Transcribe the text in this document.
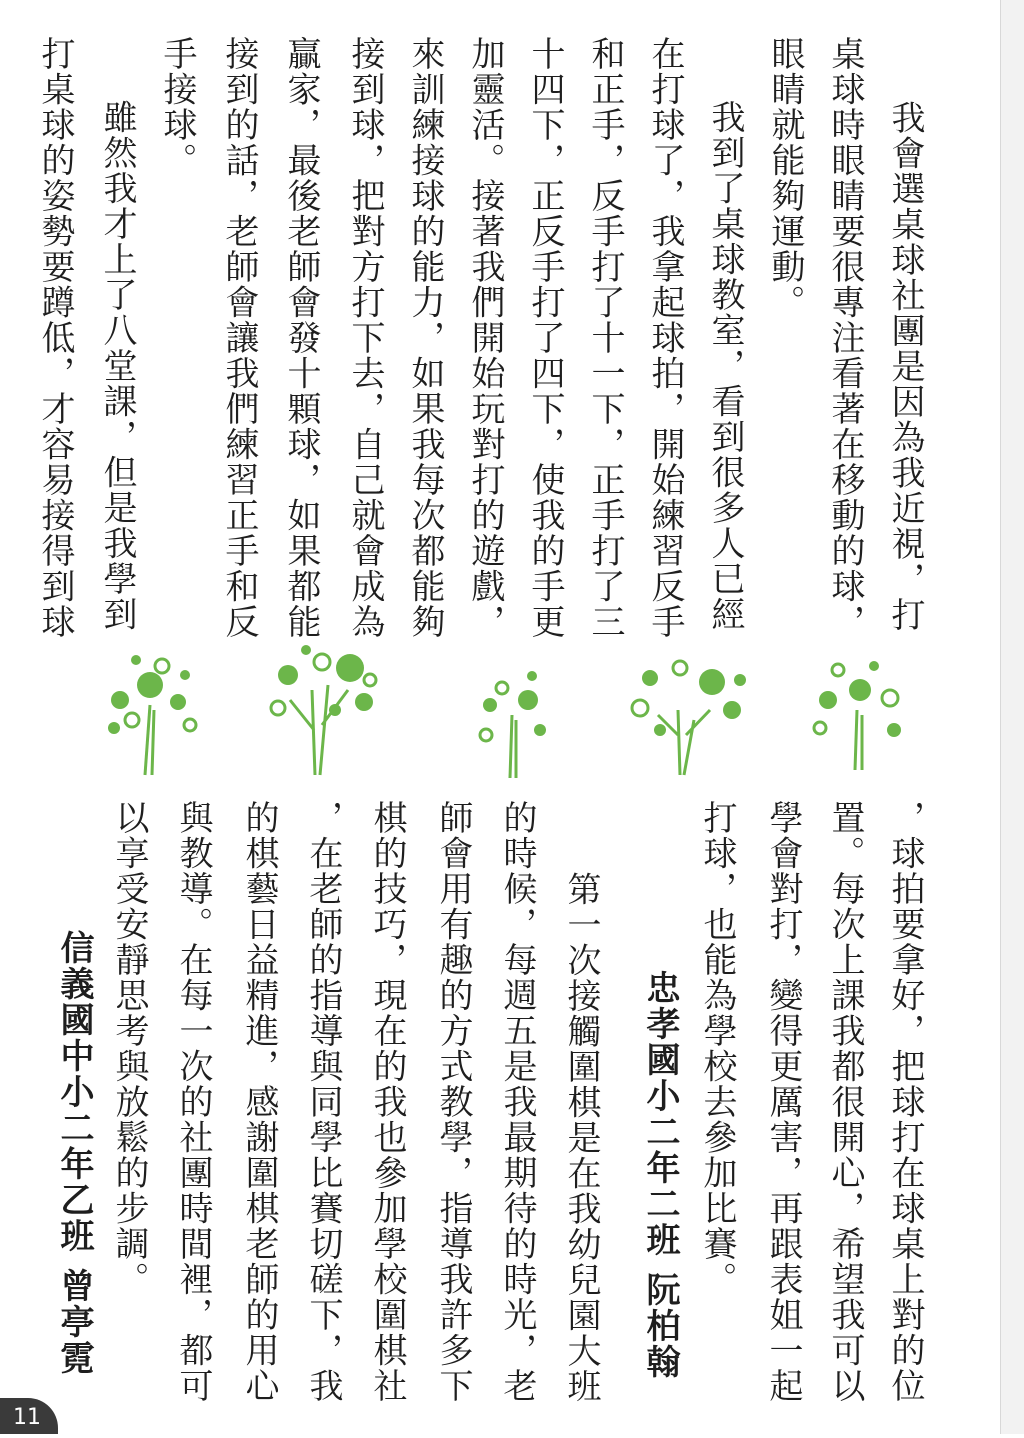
我會選桌球社團是因為我近視，打
桌球時眼睛要很專注看著在移動的球，
眼睛就能夠運動。
　我到了桌球教室，看到很多人已經
在打球了，我拿起球拍，開始練習反手
和正手，反手打了十一下，正手打了三
十四下，正反手打了四下，使我的手更
加靈活。接著我們開始玩對打的遊戲，
來訓練接球的能力，如果我每次都能夠
接到球，把對方打下去，自己就會成為
贏家，最後老師會發十顆球，如果都能
接到的話，老師會讓我們練習正手和反
手接球。
　雖然我才上了八堂課，但是我學到
打桌球的姿勢要蹲低，才容易接得到球
，球拍要拿好，把球打在球桌上對的位
置。每次上課我都很開心，希望我可以
學會對打，變得更厲害，再跟表姐一起
打球，也能為學校去參加比賽。
忠孝國小二年二班 阮柏翰
　第一次接觸圍棋是在我幼兒園大班
的時候，每週五是我最期待的時光，老
師會用有趣的方式教學，指導我許多下
棋的技巧，現在的我也參加學校圍棋社
，在老師的指導與同學比賽切磋下，我
的棋藝日益精進，感謝圍棋老師的用心
與教導。在每一次的社團時間裡，都可
以享受安靜思考與放鬆的步調。
信義國中小二年乙班 曾亭霓
11
